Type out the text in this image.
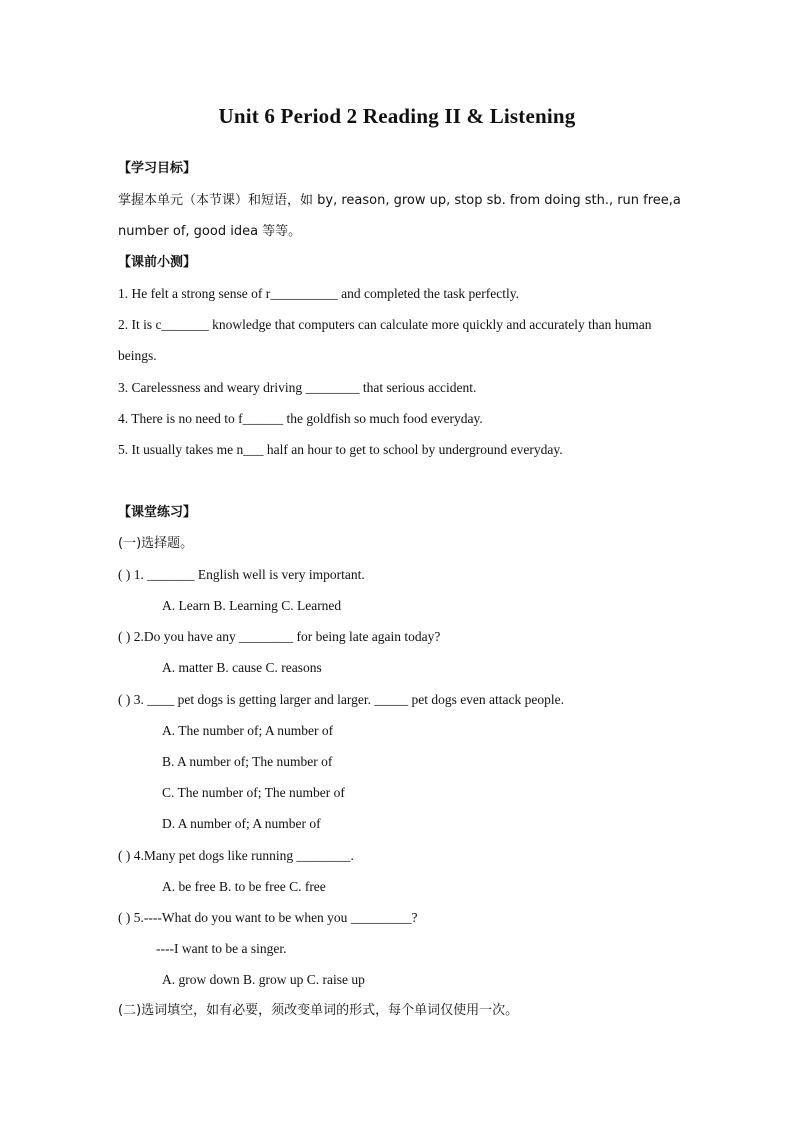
Unit 6 Period 2 Reading II & Listening
【学习目标】
掌握本单元（本节课）和短语，如 by, reason, grow up, stop sb. from doing sth., run free,a
number of, good idea 等等。
【课前小测】
1. He felt a strong sense of r__________ and completed the task perfectly.
2. It is c_______ knowledge that computers can calculate more quickly and accurately than human
beings.
3. Carelessness and weary driving ________ that serious accident.
4. There is no need to f______ the goldfish so much food everyday.
5. It usually takes me n___ half an hour to get to school by underground everyday.
【课堂练习】
(一)选择题。
( ) 1. _______ English well is very important.
A. Learn B. Learning C. Learned
( ) 2.Do you have any ________ for being late again today?
A. matter B. cause C. reasons
( ) 3. ____ pet dogs is getting larger and larger. _____ pet dogs even attack people.
A. The number of; A number of
B. A number of; The number of
C. The number of; The number of
D. A number of; A number of
( ) 4.Many pet dogs like running ________.
A. be free B. to be free C. free
( ) 5.----What do you want to be when you _________?
----I want to be a singer.
A. grow down B. grow up C. raise up
(二)选词填空，如有必要，须改变单词的形式，每个单词仅使用一次。
